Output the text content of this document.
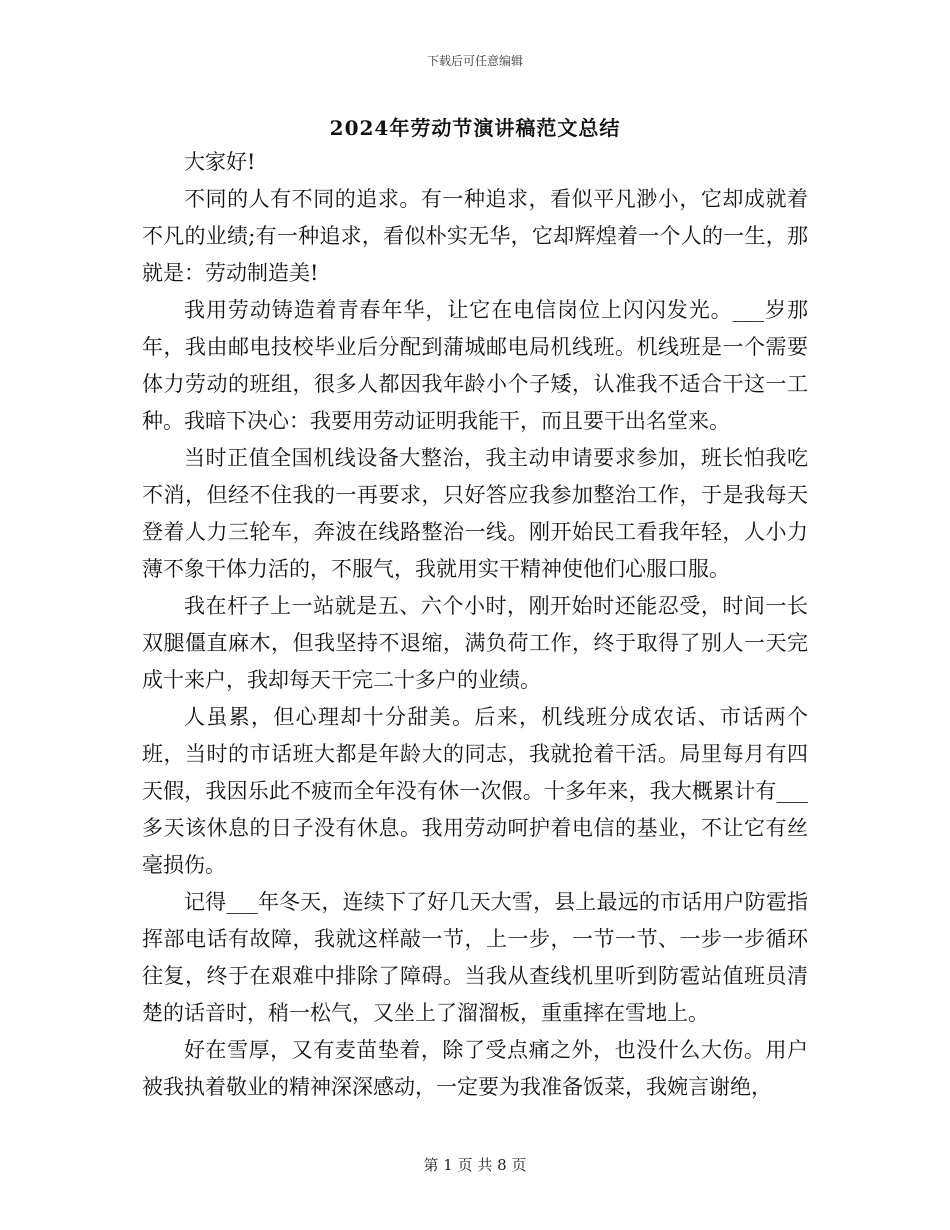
下载后可任意编辑
2024年劳动节演讲稿范文总结

大家好!

不同的人有不同的追求。有一种追求，看似平凡渺小，它却成就着不凡的业绩;有一种追求，看似朴实无华，它却辉煌着一个人的一生，那就是：劳动制造美!

我用劳动铸造着青春年华，让它在电信岗位上闪闪发光。___岁那年，我由邮电技校毕业后分配到蒲城邮电局机线班。机线班是一个需要体力劳动的班组，很多人都因我年龄小个子矮，认准我不适合干这一工种。我暗下决心：我要用劳动证明我能干，而且要干出名堂来。

当时正值全国机线设备大整治，我主动申请要求参加，班长怕我吃不消，但经不住我的一再要求，只好答应我参加整治工作，于是我每天登着人力三轮车，奔波在线路整治一线。刚开始民工看我年轻，人小力薄不象干体力活的，不服气，我就用实干精神使他们心服口服。

我在杆子上一站就是五、六个小时，刚开始时还能忍受，时间一长双腿僵直麻木，但我坚持不退缩，满负荷工作，终于取得了别人一天完成十来户，我却每天干完二十多户的业绩。

人虽累，但心理却十分甜美。后来，机线班分成农话、市话两个班，当时的市话班大都是年龄大的同志，我就抢着干活。局里每月有四天假，我因乐此不疲而全年没有休一次假。十多年来，我大概累计有___多天该休息的日子没有休息。我用劳动呵护着电信的基业，不让它有丝毫损伤。

记得___年冬天，连续下了好几天大雪，县上最远的市话用户防雹指挥部电话有故障，我就这样敲一节，上一步，一节一节、一步一步循环往复，终于在艰难中排除了障碍。当我从查线机里听到防雹站值班员清楚的话音时，稍一松气，又坐上了溜溜板，重重摔在雪地上。

好在雪厚，又有麦苗垫着，除了受点痛之外，也没什么大伤。用户被我执着敬业的精神深深感动，一定要为我准备饭菜，我婉言谢绝，

第 1 页 共 8 页
